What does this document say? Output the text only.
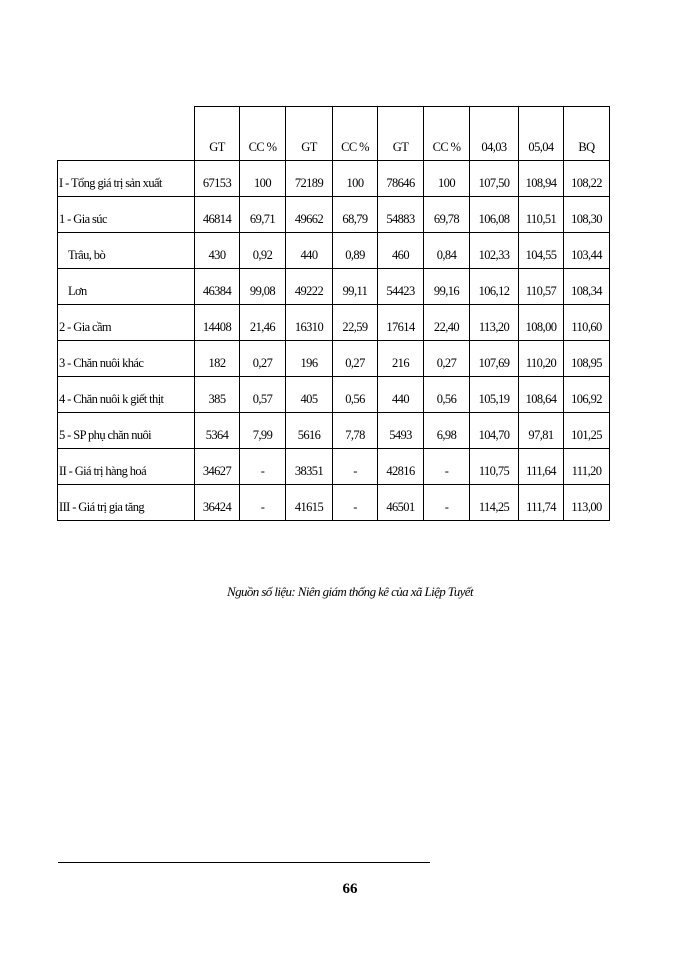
	GT	CC %	GT	CC %	GT	CC %	04,03	05,04	BQ
I - Tổng giá trị sản xuất	67153	100	72189	100	78646	100	107,50	108,94	108,22
1 - Gia súc	46814	69,71	49662	68,79	54883	69,78	106,08	110,51	108,30
Trâu, bò	430	0,92	440	0,89	460	0,84	102,33	104,55	103,44
Lơn	46384	99,08	49222	99,11	54423	99,16	106,12	110,57	108,34
2 - Gia cầm	14408	21,46	16310	22,59	17614	22,40	113,20	108,00	110,60
3 - Chăn nuôi khác	182	0,27	196	0,27	216	0,27	107,69	110,20	108,95
4 - Chăn nuôi k giết thịt	385	0,57	405	0,56	440	0,56	105,19	108,64	106,92
5 - SP phụ chăn nuôi	5364	7,99	5616	7,78	5493	6,98	104,70	97,81	101,25
II - Giá trị hàng hoá	34627	-	38351	-	42816	-	110,75	111,64	111,20
III - Giá trị gia tăng	36424	-	41615	-	46501	-	114,25	111,74	113,00
Nguồn số liệu: Niên giám thống kê của xã Liệp Tuyết
66
